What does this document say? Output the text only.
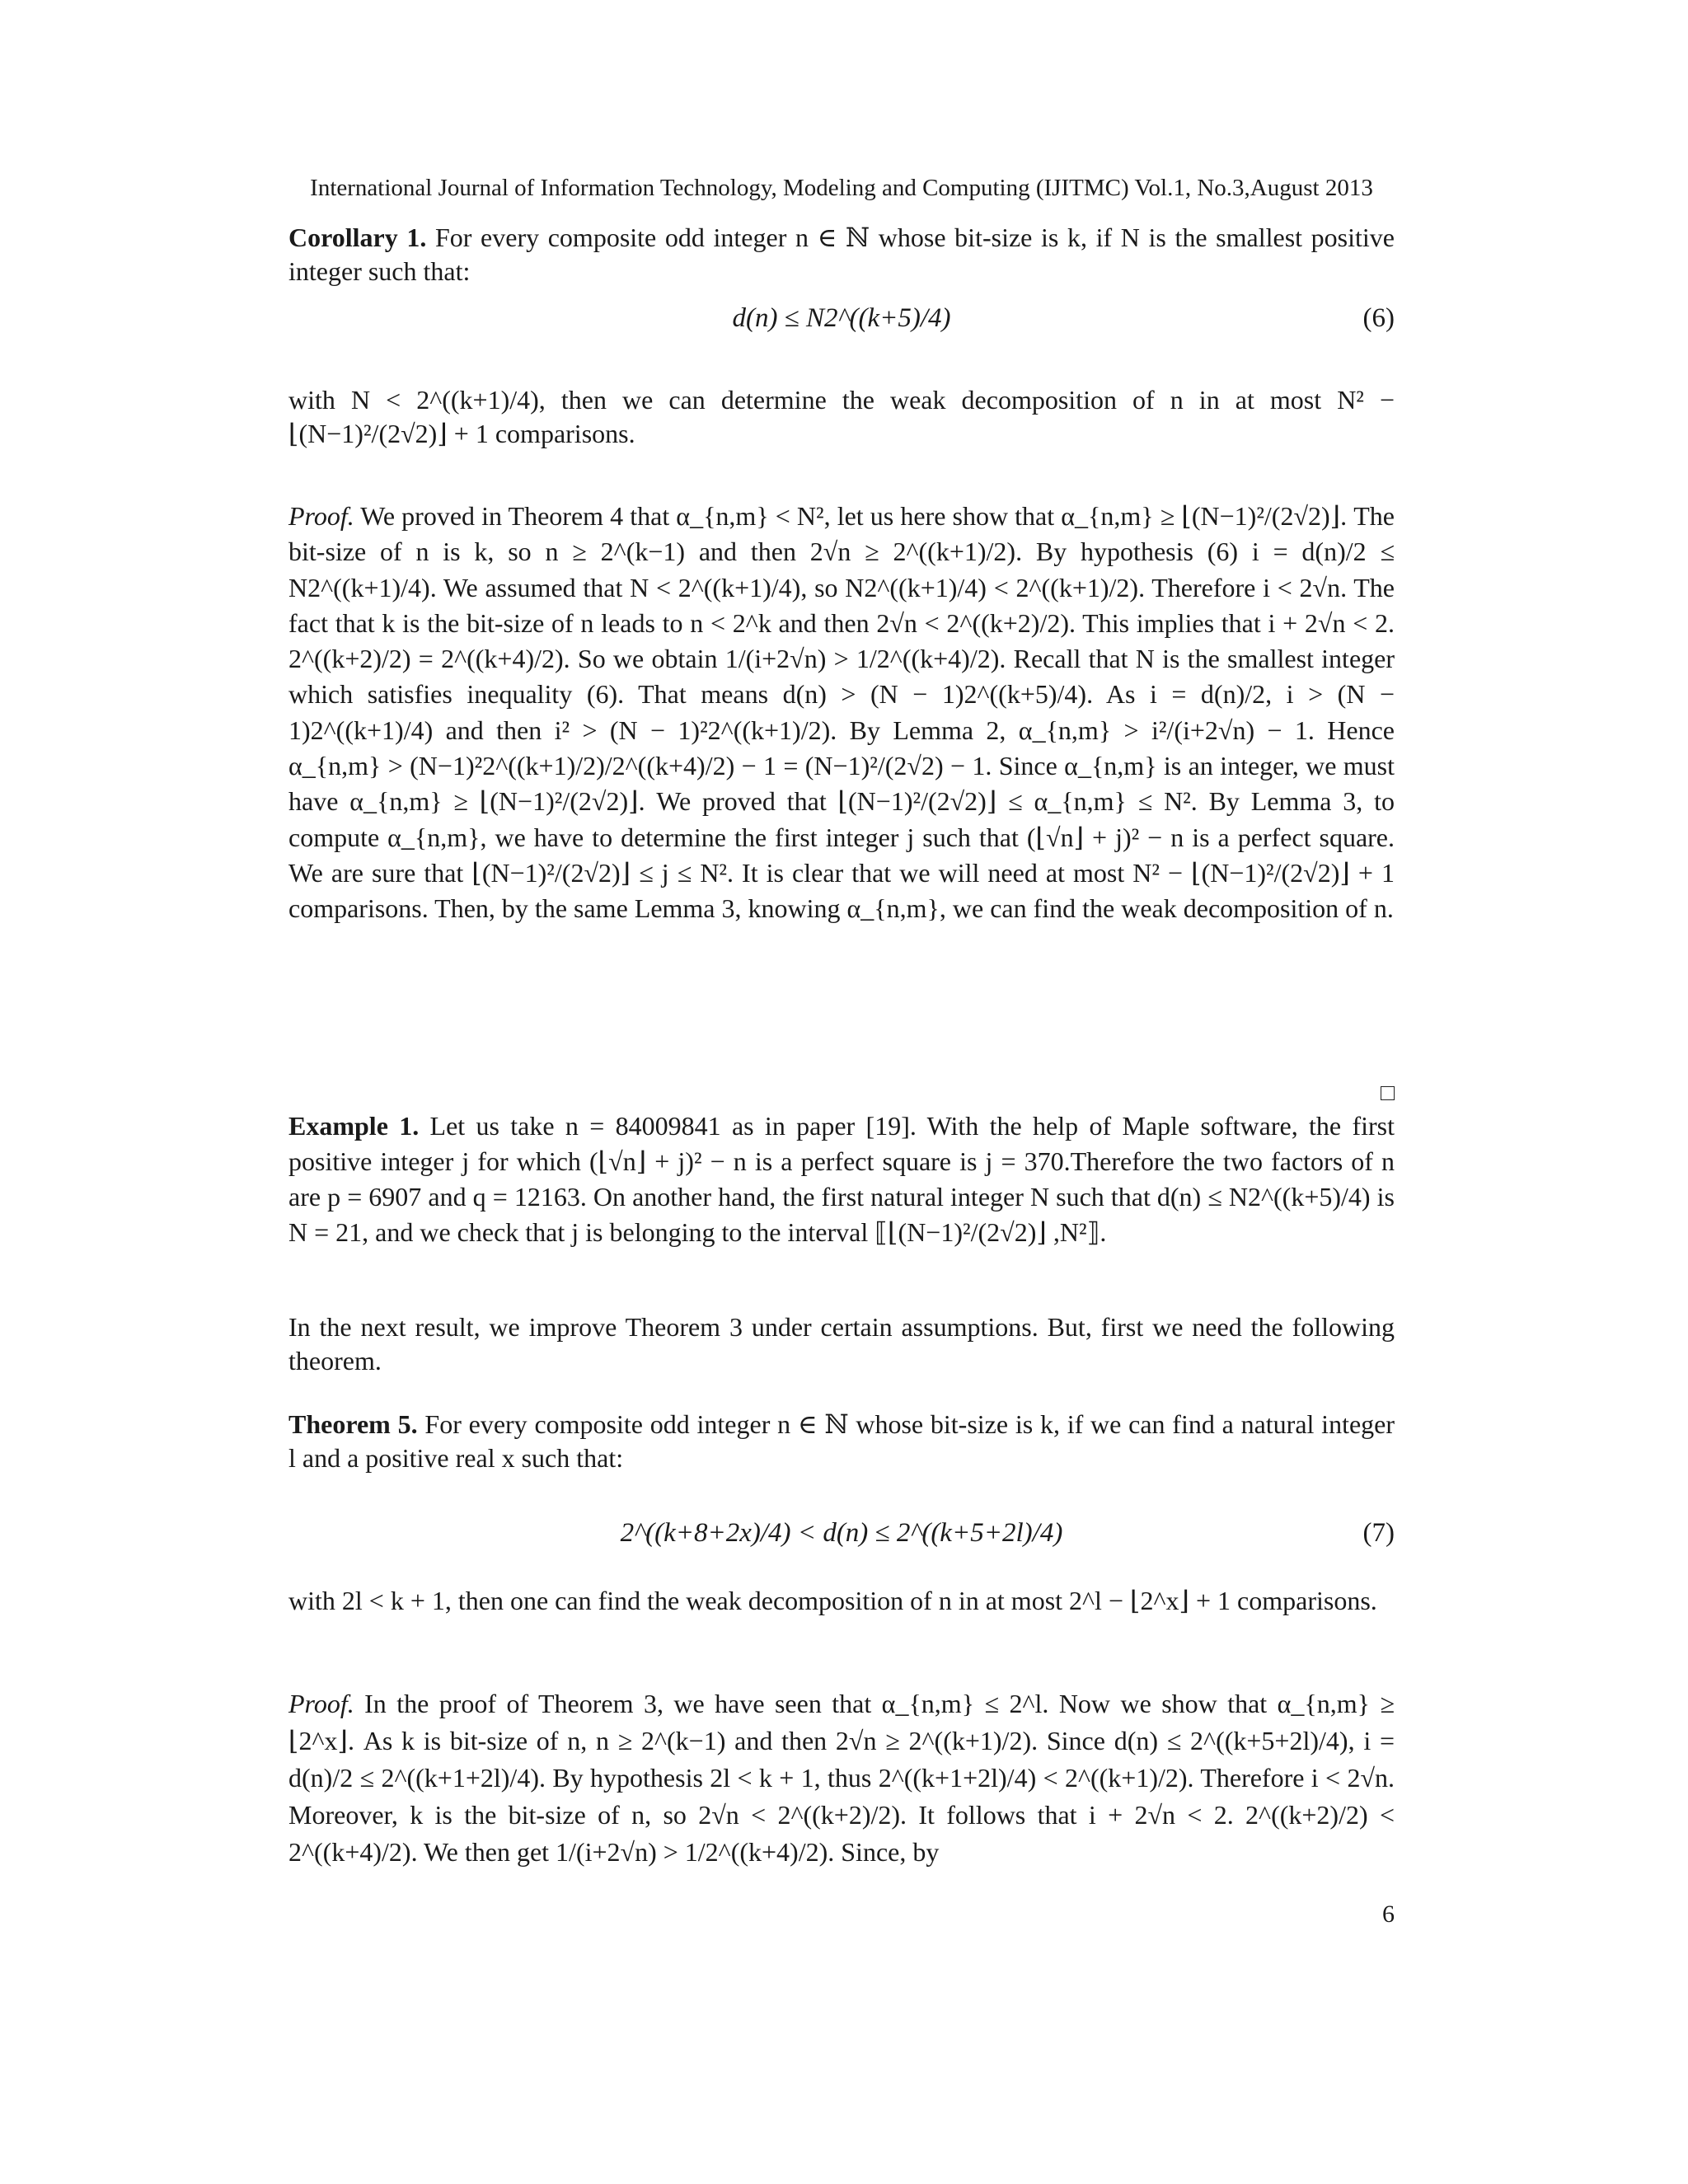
International Journal of Information Technology, Modeling and Computing (IJITMC) Vol.1, No.3,August 2013

Corollary 1. For every composite odd integer n ∈ ℕ whose bit-size is k, if N is the smallest positive integer such that:

d(n) ≤ N2^((k+5)/4)	(6)
with N < 2^((k+1)/4), then we can determine the weak decomposition of n in at most N² − ⌊(N−1)²/(2√2)⌋ + 1 comparisons.

Proof. We proved in Theorem 4 that α_{n,m} < N², let us here show that α_{n,m} ≥ ⌊(N−1)²/(2√2)⌋. The bit-size of n is k, so n ≥ 2^(k−1) and then 2√n ≥ 2^((k+1)/2). By hypothesis (6) i = d(n)/2 ≤ N2^((k+1)/4). We assumed that N < 2^((k+1)/4), so N2^((k+1)/4) < 2^((k+1)/2). Therefore i < 2√n. The fact that k is the bit-size of n leads to n < 2^k and then 2√n < 2^((k+2)/2). This implies that i + 2√n < 2. 2^((k+2)/2) = 2^((k+4)/2). So we obtain 1/(i+2√n) > 1/2^((k+4)/2). Recall that N is the smallest integer which satisfies inequality (6). That means d(n) > (N − 1)2^((k+5)/4). As i = d(n)/2, i > (N − 1)2^((k+1)/4) and then i² > (N − 1)²2^((k+1)/2). By Lemma 2, α_{n,m} > i²/(i+2√n) − 1. Hence α_{n,m} > (N−1)²2^((k+1)/2)/2^((k+4)/2) − 1 = (N−1)²/(2√2) − 1. Since α_{n,m} is an integer, we must have α_{n,m} ≥ ⌊(N−1)²/(2√2)⌋. We proved that ⌊(N−1)²/(2√2)⌋ ≤ α_{n,m} ≤ N². By Lemma 3, to compute α_{n,m}, we have to determine the first integer j such that (⌊√n⌋ + j)² − n is a perfect square. We are sure that ⌊(N−1)²/(2√2)⌋ ≤ j ≤ N². It is clear that we will need at most N² − ⌊(N−1)²/(2√2)⌋ + 1 comparisons. Then, by the same Lemma 3, knowing α_{n,m}, we can find the weak decomposition of n.

Example 1. Let us take n = 84009841 as in paper [19]. With the help of Maple software, the first positive integer j for which (⌊√n⌋ + j)² − n is a perfect square is j = 370.Therefore the two factors of n are p = 6907 and q = 12163. On another hand, the first natural integer N such that d(n) ≤ N2^((k+5)/4) is N = 21, and we check that j is belonging to the interval ⟦⌊(N−1)²/(2√2)⌋ ,N²⟧.

In the next result, we improve Theorem 3 under certain assumptions. But, first we need the following theorem.

Theorem 5. For every composite odd integer n ∈ ℕ whose bit-size is k, if we can find a natural integer l and a positive real x such that:

2^((k+8+2x)/4) < d(n) ≤ 2^((k+5+2l)/4)	(7)
with 2l < k + 1, then one can find the weak decomposition of n in at most 2^l − ⌊2^x⌋ + 1 comparisons.

Proof. In the proof of Theorem 3, we have seen that α_{n,m} ≤ 2^l. Now we show that α_{n,m} ≥ ⌊2^x⌋. As k is bit-size of n, n ≥ 2^(k−1) and then 2√n ≥ 2^((k+1)/2). Since d(n) ≤ 2^((k+5+2l)/4), i = d(n)/2 ≤ 2^((k+1+2l)/4). By hypothesis 2l < k + 1, thus 2^((k+1+2l)/4) < 2^((k+1)/2). Therefore i < 2√n. Moreover, k is the bit-size of n, so 2√n < 2^((k+2)/2). It follows that i + 2√n < 2. 2^((k+2)/2) < 2^((k+4)/2). We then get 1/(i+2√n) > 1/2^((k+4)/2). Since, by

6
